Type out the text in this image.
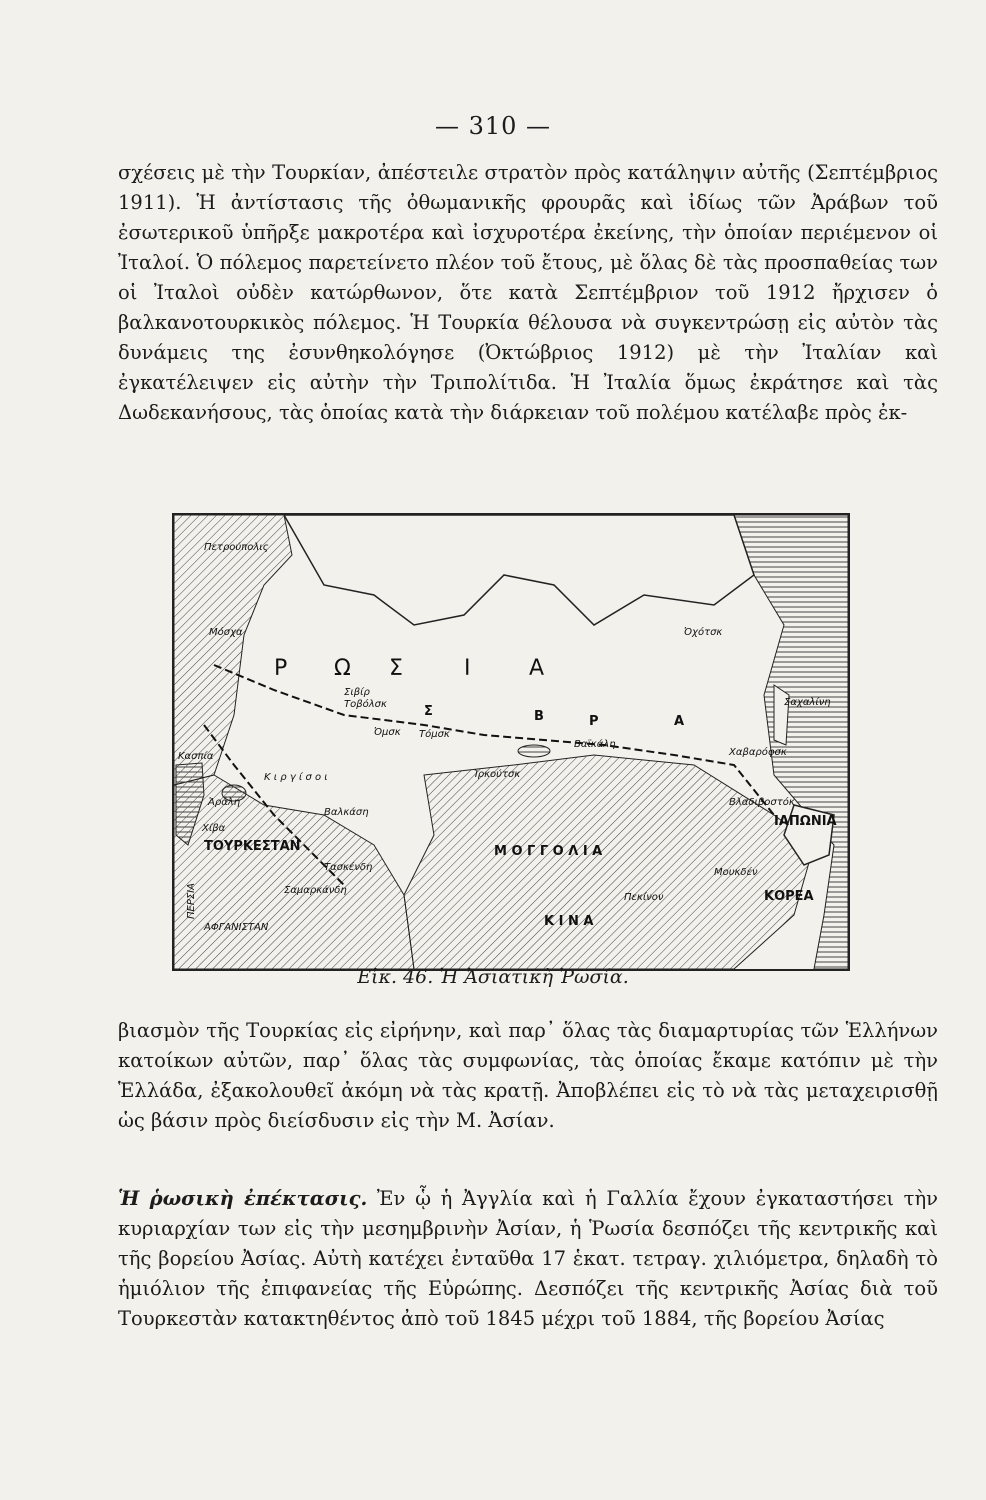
— 310 —

σχέσεις μὲ τὴν Τουρκίαν, ἀπέστειλε στρατὸν πρὸς κατάληψιν αὐτῆς (Σεπτέμβριος 1911). Ἡ ἀντίστασις τῆς ὀθωμανικῆς φρουρᾶς καὶ ἰδίως τῶν Ἀράβων τοῦ ἐσωτερικοῦ ὑπῆρξε μακροτέρα καὶ ἰσχυροτέρα ἐκείνης, τὴν ὁποίαν περιέμενον οἱ Ἰταλοί. Ὁ πόλεμος παρετείνετο πλέον τοῦ ἔτους, μὲ ὅλας δὲ τὰς προσπαθείας των οἱ Ἰταλοὶ οὐδὲν κατώρθωνον, ὅτε κατὰ Σεπτέμβριον τοῦ 1912 ἤρχισεν ὁ βαλκανοτουρκικὸς πόλεμος. Ἡ Τουρκία θέλουσα νὰ συγκεντρώσῃ εἰς αὐτὸν τὰς δυνάμεις της ἐσυνθηκολόγησε (Ὀκτώβριος 1912) μὲ τὴν Ἰταλίαν καὶ ἐγκατέλειψεν εἰς αὐτὴν τὴν Τριπολίτιδα. Ἡ Ἰταλία ὅμως ἐκράτησε καὶ τὰς Δωδεκανήσους, τὰς ὁποίας κατὰ τὴν διάρκειαν τοῦ πολέμου κατέλαβε πρὸς ἐκ-

Ρ Ω Σ	Ι Α
Σ	Β	Ρ	Α
Κ ι ρ γ ί σ ο ι
Μ Ο Γ Γ Ο Λ Ι Α
Κ Ι Ν Α
ΙΑΠΩΝΙΑ
ΚΟΡΕΑ
ΤΟΥΡΚΕΣΤΑΝ
ΑΦΓΑΝΙΣΤΑΝ
ΠΕΡΣΙΑ
Πετρούπολις
Μόσχα
Σιβίρ
Τοβόλσκ
Ὀμσκ Τόμσκ
Ἰρκούτσκ
Ὀχότσκ
Σαχαλίνη
Χίβα
Ἀράλη
Βαλκάση
Τασκένδη
Σαμαρκάνδη
Πεκίνον
Μουκδέν
Βλαδιβοστόκ
Χαβαρόφσκ
Βαϊκάλη
Κασπία
Εἰκ. 46. Ἡ Ἀσιατικὴ Ῥωσία.

βιασμὸν τῆς Τουρκίας εἰς εἰρήνην, καὶ παρ᾽ ὅλας τὰς διαμαρτυρίας τῶν Ἑλλήνων κατοίκων αὐτῶν, παρ᾽ ὅλας τὰς συμφωνίας, τὰς ὁποίας ἔκαμε κατόπιν μὲ τὴν Ἑλλάδα, ἐξακολουθεῖ ἀκόμη νὰ τὰς κρατῇ. Ἀποβλέπει εἰς τὸ νὰ τὰς μεταχειρισθῇ ὡς βάσιν πρὸς διείσδυσιν εἰς τὴν Μ. Ἀσίαν.

Ἡ ῥωσικὴ ἐπέκτασις. Ἐν ᾧ ἡ Ἀγγλία καὶ ἡ Γαλλία ἔχουν ἐγκαταστήσει τὴν κυριαρχίαν των εἰς τὴν μεσημβρινὴν Ἀσίαν, ἡ Ῥωσία δεσπόζει τῆς κεντρικῆς καὶ τῆς βορείου Ἀσίας. Αὐτὴ κατέχει ἐνταῦθα 17 ἑκατ. τετραγ. χιλιόμετρα, δηλαδὴ τὸ ἡμιόλιον τῆς ἐπιφανείας τῆς Εὐρώπης. Δεσπόζει τῆς κεντρικῆς Ἀσίας διὰ τοῦ Τουρκεστὰν κατακτηθέντος ἀπὸ τοῦ 1845 μέχρι τοῦ 1884, τῆς βορείου Ἀσίας
